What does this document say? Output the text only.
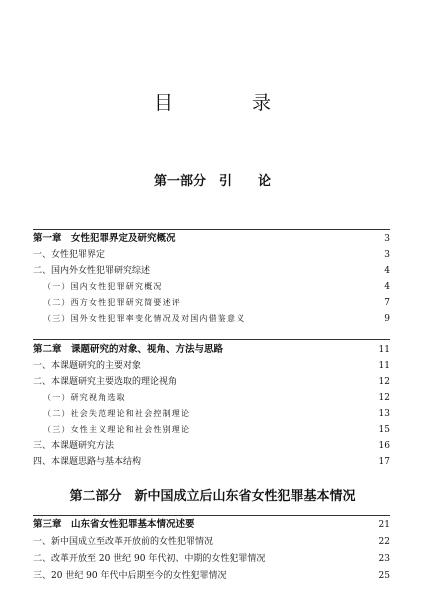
目　录
第一部分　引　　论
第一章　女性犯罪界定及研究概况	3
一、女性犯罪界定	3
二、国内外女性犯罪研究综述	4
（一）国内女性犯罪研究概况	4
（二）西方女性犯罪研究简要述评	7
（三）国外女性犯罪率变化情况及对国内借鉴意义	9
第二章　课题研究的对象、视角、方法与思路	11
一、本课题研究的主要对象	11
二、本课题研究主要选取的理论视角	12
（一）研究视角选取	12
（二）社会失范理论和社会控制理论	13
（三）女性主义理论和社会性别理论	15
三、本课题研究方法	16
四、本课题思路与基本结构	17
第二部分　新中国成立后山东省女性犯罪基本情况
第三章　山东省女性犯罪基本情况述要	21
一、新中国成立至改革开放前的女性犯罪情况	22
二、改革开放至 20 世纪 90 年代初、中期的女性犯罪情况	23
三、20 世纪 90 年代中后期至今的女性犯罪情况	25
